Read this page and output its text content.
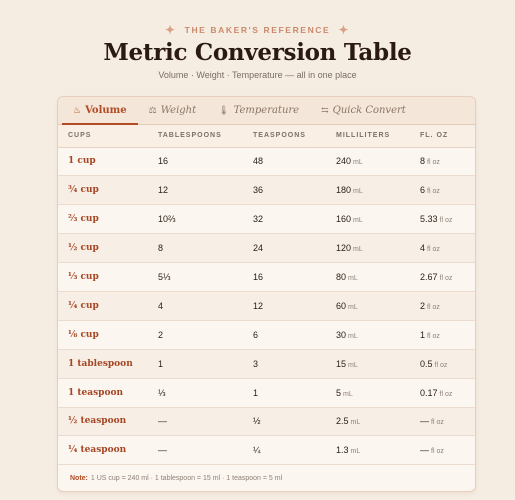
✦ THE BAKER'S REFERENCE ✦
Metric Conversion Table
Volume · Weight · Temperature — all in one place
♨ Volume ⚖ Weight 🌡 Temperature ⇆ Quick Convert
CUPS	TABLESPOONS	TEASPOONS	MILLILITERS	FL. OZ
1 cup	16	48	240 mL	8 fl oz
¾ cup	12	36	180 mL	6 fl oz
⅔ cup	10⅔	32	160 mL	5.33 fl oz
½ cup	8	24	120 mL	4 fl oz
⅓ cup	5⅓	16	80 mL	2.67 fl oz
¼ cup	4	12	60 mL	2 fl oz
⅛ cup	2	6	30 mL	1 fl oz
1 tablespoon	1	3	15 mL	0.5 fl oz
1 teaspoon	⅓	1	5 mL	0.17 fl oz
½ teaspoon	—	½	2.5 mL	— fl oz
¼ teaspoon	—	¼	1.3 mL	— fl oz
Note: 1 US cup = 240 ml · 1 tablespoon = 15 ml · 1 teaspoon = 5 ml
